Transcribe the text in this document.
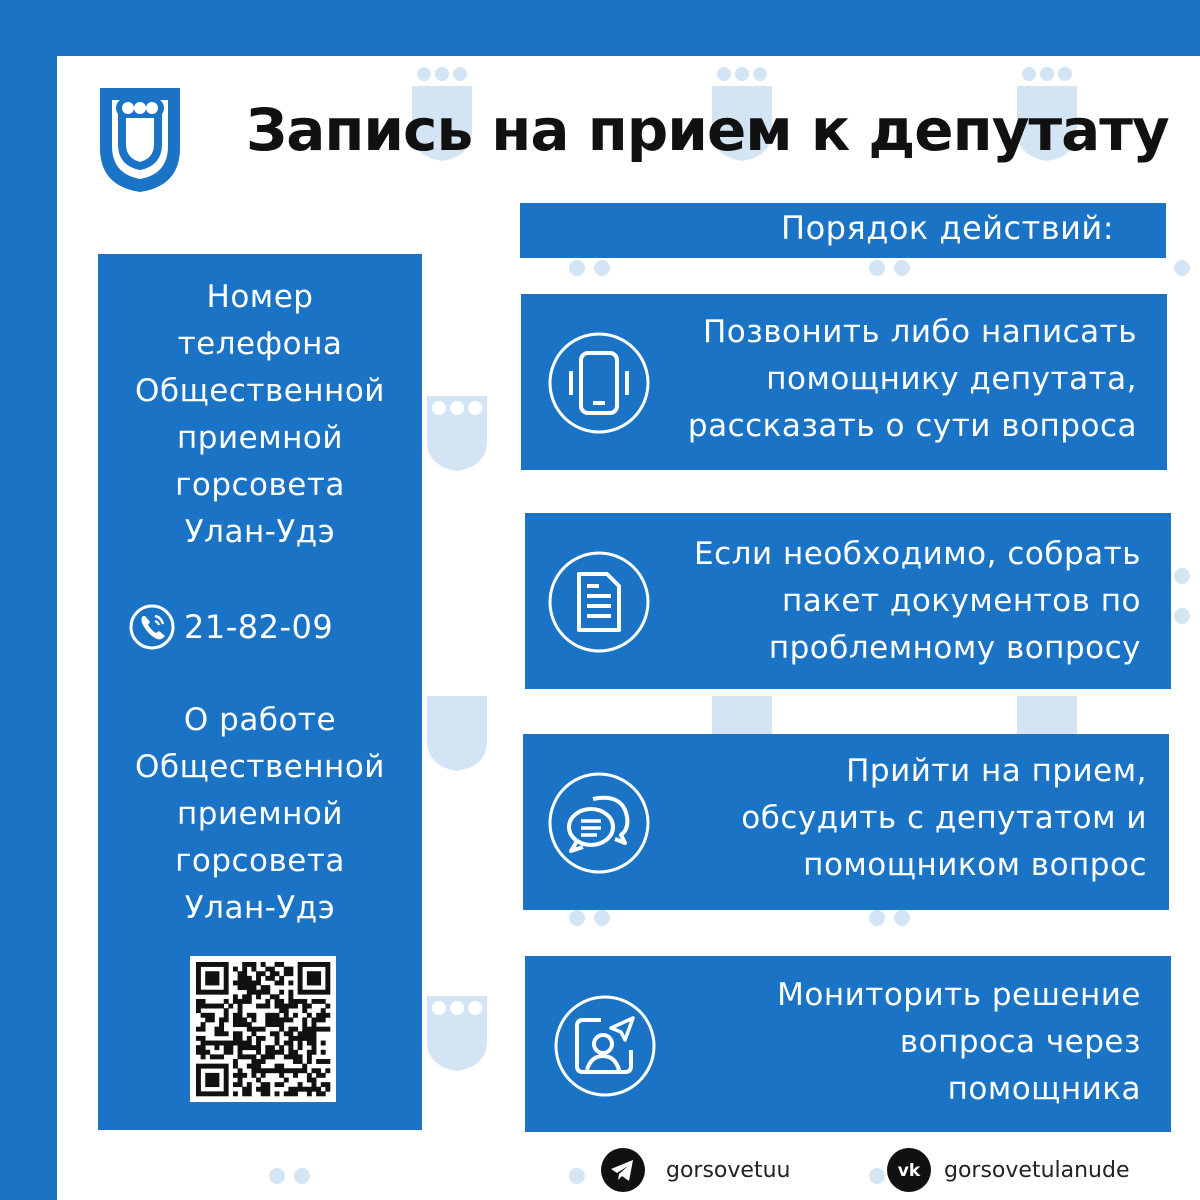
Запись на прием к депутату
Номер
телефона
Общественной
приемной
горсовета
Улан-Удэ
21-82-09
О работе
Общественной
приемной
горсовета
Улан-Удэ
Порядок действий:
Позвонить либо написать
помощнику депутата,
рассказать о сути вопроса
Если необходимо, собрать
пакет документов по
проблемному вопросу
Прийти на прием,
обсудить с депутатом и
помощником вопрос
Мониторить решение
вопроса через
помощника
gorsovetuu	vk gorsovetulanude
